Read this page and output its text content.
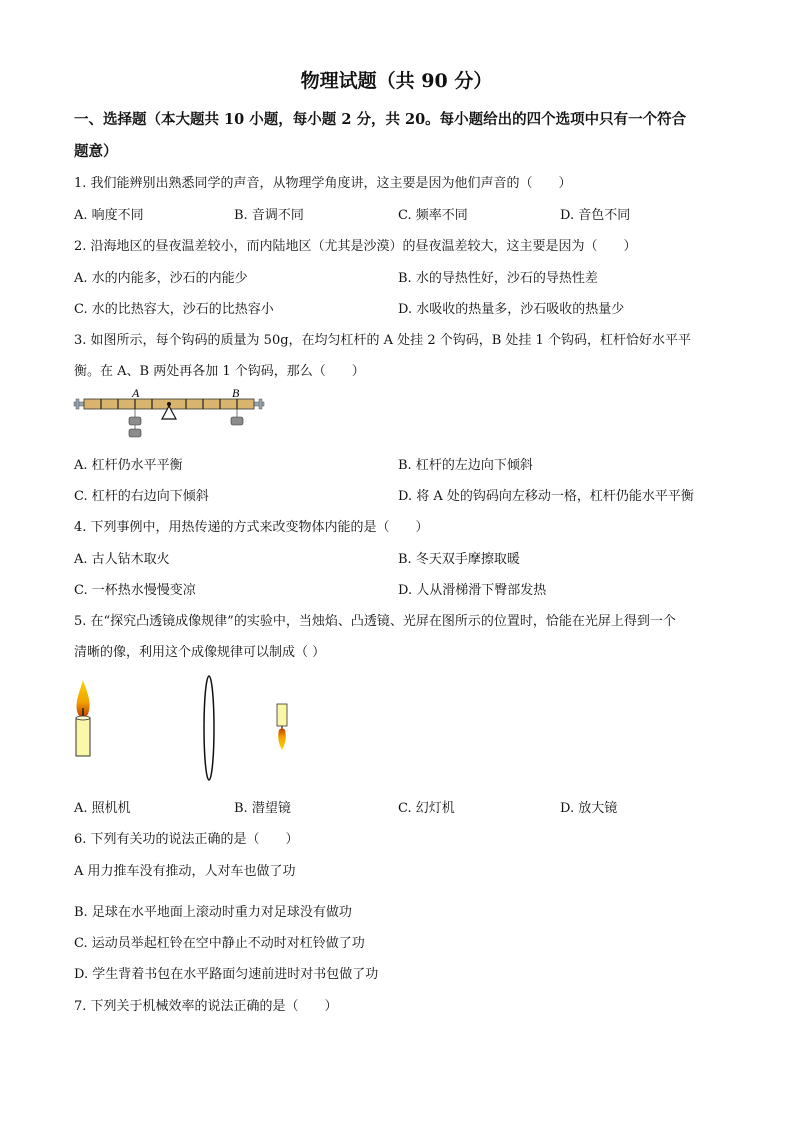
物理试题（共 90 分）
一、选择题（本大题共 10 小题，每小题 2 分，共 20。每小题给出的四个选项中只有一个符合
题意）
1. 我们能辨别出熟悉同学的声音，从物理学角度讲，这主要是因为他们声音的（　　）
A. 响度不同	B. 音调不同	C. 频率不同	D. 音色不同
2. 沿海地区的昼夜温差较小，而内陆地区（尤其是沙漠）的昼夜温差较大，这主要是因为（　　）
A. 水的内能多，沙石的内能少	B. 水的导热性好，沙石的导热性差
C. 水的比热容大，沙石的比热容小	D. 水吸收的热量多，沙石吸收的热量少
3. 如图所示，每个钩码的质量为 50g，在均匀杠杆的 A 处挂 2 个钩码，B 处挂 1 个钩码，杠杆恰好水平平
衡。在 A、B 两处再各加 1 个钩码，那么（　　）
A	B
A. 杠杆仍水平平衡	B. 杠杆的左边向下倾斜
C. 杠杆的右边向下倾斜	D. 将 A 处的钩码向左移动一格，杠杆仍能水平平衡
4. 下列事例中，用热传递的方式来改变物体内能的是（　　）
A. 古人钻木取火	B. 冬天双手摩擦取暖
C. 一杯热水慢慢变凉	D. 人从滑梯滑下臀部发热
5. 在“探究凸透镜成像规律”的实验中，当烛焰、凸透镜、光屏在图所示的位置时，恰能在光屏上得到一个
清晰的像，利用这个成像规律可以制成（ ）
A. 照机机	B. 潜望镜	C. 幻灯机	D. 放大镜
6. 下列有关功的说法正确的是（　　）
A 用力推车没有推动，人对车也做了功
B. 足球在水平地面上滚动时重力对足球没有做功
C. 运动员举起杠铃在空中静止不动时对杠铃做了功
D. 学生背着书包在水平路面匀速前进时对书包做了功
7. 下列关于机械效率的说法正确的是（　　）
